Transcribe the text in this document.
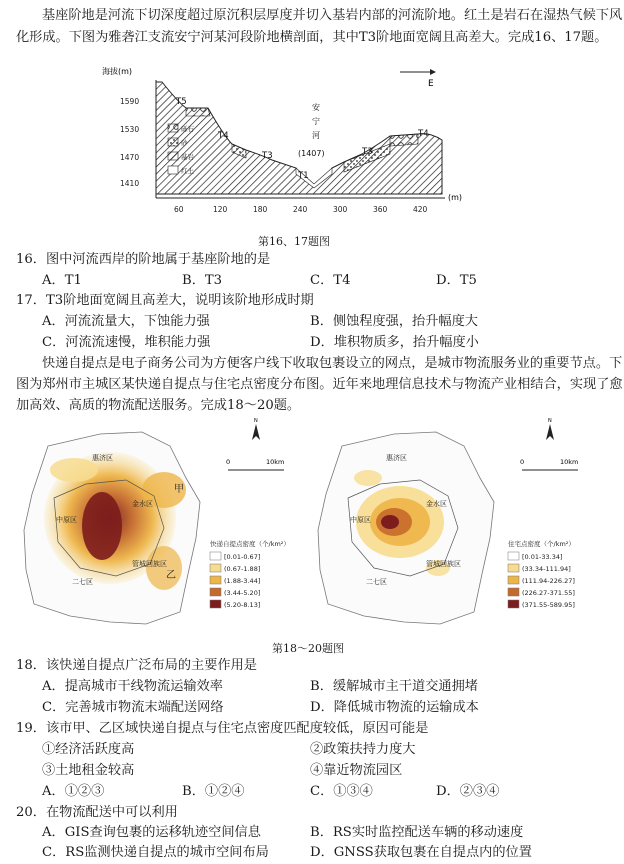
基座阶地是河流下切深度超过原沉积层厚度并切入基岩内部的河流阶地。红土是岩石在湿热气候下风
化形成。下图为雅砻江支流安宁河某河段阶地横剖面，其中T3阶地面宽阔且高差大。完成16、17题。
海拔(m)
1590
1530
1470
1410
60	120	180	240	300	360	420
(m)
E
T5
T4
T3
T1
T3
T4
安
宁
河
(1407)
砾石
砂
基岩
红土
第16、17题图
16．图中河流西岸的阶地属于基座阶地的是
A．T1	B．T3	C．T4	D．T5
17．T3阶地面宽阔且高差大，说明该阶地形成时期
A．河流流量大，下蚀能力强	B．侧蚀程度强，抬升幅度大
C．河流流速慢，堆积能力强	D．堆积物质多，抬升幅度小
快递自提点是电子商务公司为方便客户线下收取包裹设立的网点，是城市物流服务业的重要节点。下
图为郑州市主城区某快递自提点与住宅点密度分布图。近年来地理信息技术与物流产业相结合，实现了愈
加高效、高质的物流配送服务。完成18～20题。
惠济区
金水区
中原区
二七区
管城回族区
甲
乙
N
0	10km
快递自提点密度（个/km²）
[0.01-0.67]
(0.67-1.88]
(1.88-3.44]
(3.44-5.20]
(5.20-8.13]
惠济区
金水区
中原区
二七区
管城回族区
N
0	10km
住宅点密度（个/km²）
[0.01-33.34]
(33.34-111.94]
(111.94-226.27]
(226.27-371.55]
(371.55-589.95]
第18～20题图
18．该快递自提点广泛布局的主要作用是
A．提高城市干线物流运输效率	B．缓解城市主干道交通拥堵
C．完善城市物流末端配送网络	D．降低城市物流的运输成本
19．该市甲、乙区域快递自提点与住宅点密度匹配度较低，原因可能是
①经济活跃度高	②政策扶持力度大
③土地租金较高	④靠近物流园区
A．①②③	B．①②④	C．①③④	D．②③④
20．在物流配送中可以利用
A．GIS查询包裹的运移轨迹空间信息	B．RS实时监控配送车辆的移动速度
C．RS监测快递自提点的城市空间布局	D．GNSS获取包裹在自提点内的位置
